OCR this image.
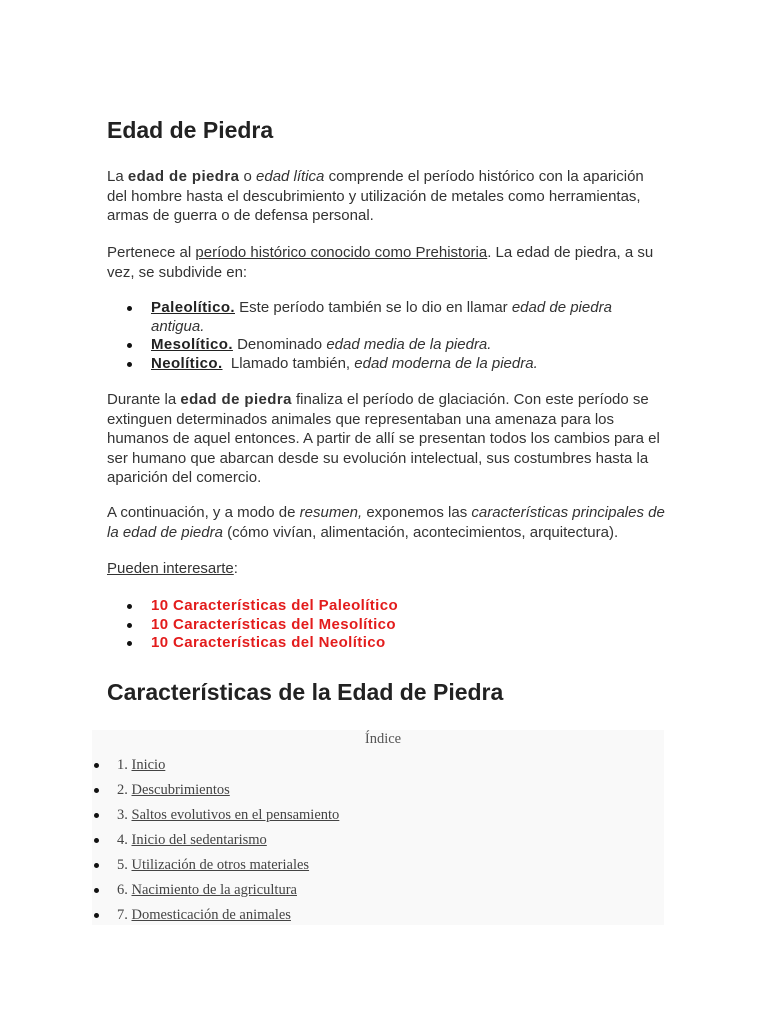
Edad de Piedra
La edad de piedra o edad lítica comprende el período histórico con la aparición
del hombre hasta el descubrimiento y utilización de metales como herramientas,
armas de guerra o de defensa personal.
Pertenece al período histórico conocido como Prehistoria. La edad de piedra, a su
vez, se subdivide en:
Paleolítico. Este período también se lo dio en llamar edad de piedra
antigua.
Mesolítico. Denominado edad media de la piedra.
Neolítico.  Llamado también, edad moderna de la piedra.
Durante la edad de piedra finaliza el período de glaciación. Con este período se
extinguen determinados animales que representaban una amenaza para los
humanos de aquel entonces. A partir de allí se presentan todos los cambios para el
ser humano que abarcan desde su evolución intelectual, sus costumbres hasta la
aparición del comercio.
A continuación, y a modo de resumen, exponemos las características principales de
la edad de piedra (cómo vivían, alimentación, acontecimientos, arquitectura).
Pueden interesarte:
10 Características del Paleolítico
10 Características del Mesolítico
10 Características del Neolítico
Características de la Edad de Piedra
Índice
1. Inicio
2. Descubrimientos
3. Saltos evolutivos en el pensamiento
4. Inicio del sedentarismo
5. Utilización de otros materiales
6. Nacimiento de la agricultura
7. Domesticación de animales
